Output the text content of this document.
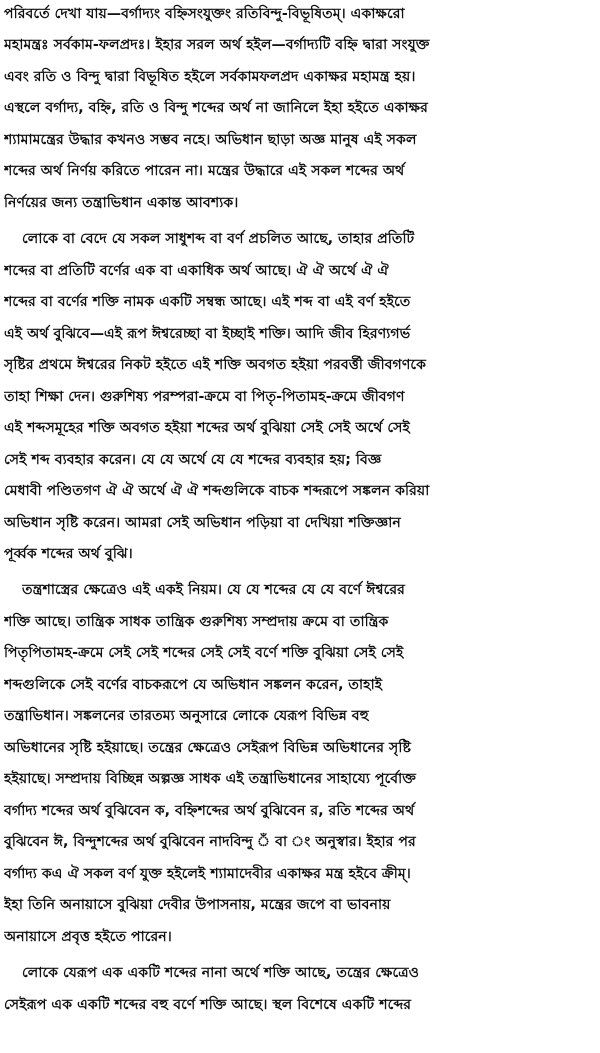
পরিবর্তে দেখা যায়—বর্গাদ্যং বহ্নিসংযুক্তং রতিবিন্দু-বিভূষিতম্‌। একাক্ষরো
মহামন্ত্রঃ সর্বকাম-ফলপ্রদঃ। ইহার সরল অর্থ হইল—বর্গাদ্যটি বহ্নি দ্বারা সংযুক্ত
এবং রতি ও বিন্দু দ্বারা বিভূষিত হইলে সর্বকামফলপ্রদ একাক্ষর মহামন্ত্র হয়।
এস্থলে বর্গাদ্য, বহ্নি, রতি ও বিন্দু শব্দের অর্থ না জানিলে ইহা হইতে একাক্ষর
শ্যামামন্ত্রের উদ্ধার কখনও সম্ভব নহে। অভিধান ছাড়া অজ্ঞ মানুষ এই সকল
শব্দের অর্থ নির্ণয় করিতে পারেন না। মন্ত্রের উদ্ধারে এই সকল শব্দের অর্থ
নির্ণয়ের জন্য তন্ত্রাভিধান একান্ত আবশ্যক।
লোকে বা বেদে যে সকল সাধুশব্দ বা বর্ণ প্রচলিত আছে, তাহার প্রতিটি
শব্দের বা প্রতিটি বর্ণের এক বা একাধিক অর্থ আছে। ঐ ঐ অর্থে ঐ ঐ
শব্দের বা বর্ণের শক্তি নামক একটি সম্বন্ধ আছে। এই শব্দ বা এই বর্ণ হইতে
এই অর্থ বুঝিবে—এই রূপ ঈশ্বরেচ্ছা বা ইচ্ছাই শক্তি। আদি জীব হিরণ্যগর্ভ
সৃষ্টির প্রথমে ঈশ্বরের নিকট হইতে এই শক্তি অবগত হইয়া পরবর্ত্তী জীবগণকে
তাহা শিক্ষা দেন। গুরুশিষ্য পরম্পরা-ক্রমে বা পিতৃ-পিতামহ-ক্রমে জীবগণ
এই শব্দসমূহের শক্তি অবগত হইয়া শব্দের অর্থ বুঝিয়া সেই সেই অর্থে সেই
সেই শব্দ ব্যবহার করেন। যে যে অর্থে যে যে শব্দের ব্যবহার হয়; বিজ্ঞ
মেধাবী পণ্ডিতগণ ঐ ঐ অর্থে ঐ ঐ শব্দগুলিকে বাচক শব্দরূপে সঙ্কলন করিয়া
অভিধান সৃষ্টি করেন। আমরা সেই অভিধান পড়িয়া বা দেখিয়া শক্তিজ্ঞান
পূর্ব্বক শব্দের অর্থ বুঝি।
তন্ত্রশাস্ত্রের ক্ষেত্রেও এই একই নিয়ম। যে যে শব্দের যে যে বর্ণে ঈশ্বরের
শক্তি আছে। তান্ত্রিক সাধক তান্ত্রিক গুরুশিষ্য সম্প্রদায় ক্রমে বা তান্ত্রিক
পিতৃপিতামহ-ক্রমে সেই সেই শব্দের সেই সেই বর্ণে শক্তি বুঝিয়া সেই সেই
শব্দগুলিকে সেই বর্ণের বাচকরূপে যে অভিধান সঙ্কলন করেন, তাহাই
তন্ত্রাভিধান। সঙ্কলনের তারতম্য অনুসারে লোকে যেরূপ বিভিন্ন বহু
অভিধানের সৃষ্টি হইয়াছে। তন্ত্রের ক্ষেত্রেও সেইরূপ বিভিন্ন অভিধানের সৃষ্টি
হইয়াছে। সম্প্রদায় বিচ্ছিন্ন অল্পজ্ঞ সাধক এই তন্ত্রাভিধানের সাহায্যে পূর্বোক্ত
বর্গাদ্য শব্দের অর্থ বুঝিবেন ক, বহ্নিশব্দের অর্থ বুঝিবেন র, রতি শব্দের অর্থ
বুঝিবেন ঈ, বিন্দুশব্দের অর্থ বুঝিবেন নাদবিন্দু ঁ বা ং অনুস্বার। ইহার পর
বর্গাদ্য কএ ঐ সকল বর্ণ যুক্ত হইলেই শ্যামাদেবীর একাক্ষর মন্ত্র হইবে ক্রীম্‌।
ইহা তিনি অনায়াসে বুঝিয়া দেবীর উপাসনায়, মন্ত্রের জপে বা ভাবনায়
অনায়াসে প্রবৃত্ত হইতে পারেন।
লোকে যেরূপ এক একটি শব্দের নানা অর্থে শক্তি আছে, তন্ত্রের ক্ষেত্রেও
সেইরূপ এক একটি শব্দের বহু বর্ণে শক্তি আছে। স্থল বিশেষে একটি শব্দের
